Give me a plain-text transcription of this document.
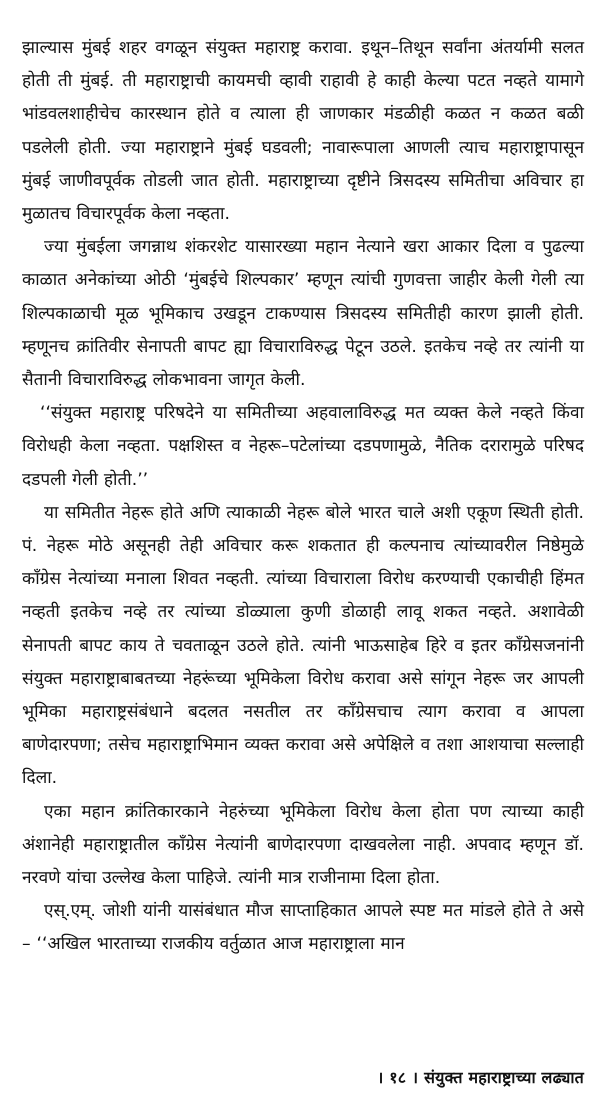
झाल्यास मुंबई शहर वगळून संयुक्त महाराष्ट्र करावा. इथून–तिथून सर्वांना अंतर्यामी सलत होती ती मुंबई. ती महाराष्ट्राची कायमची व्हावी राहावी हे काही केल्या पटत नव्हते यामागे भांडवलशाहीचेच कारस्थान होते व त्याला ही जाणकार मंडळीही कळत न कळत बळी पडलेली होती. ज्या महाराष्ट्राने मुंबई घडवली; नावारूपाला आणली त्याच महाराष्ट्रापासून मुंबई जाणीवपूर्वक तोडली जात होती. महाराष्ट्राच्या दृष्टीने त्रिसदस्य समितीचा अविचार हा मुळातच विचारपूर्वक केला नव्हता.

ज्या मुंबईला जगन्नाथ शंकरशेट यासारख्या महान नेत्याने खरा आकार दिला व पुढल्या काळात अनेकांच्या ओठी ‘मुंबईचे शिल्पकार’ म्हणून त्यांची गुणवत्ता जाहीर केली गेली त्या शिल्पकाळाची मूळ भूमिकाच उखडून टाकण्यास त्रिसदस्य समितीही कारण झाली होती. म्हणूनच क्रांतिवीर सेनापती बापट ह्या विचाराविरुद्ध पेटून उठले. इतकेच नव्हे तर त्यांनी या सैतानी विचाराविरुद्ध लोकभावना जागृत केली.

‘‘संयुक्त महाराष्ट्र परिषदेने या समितीच्या अहवालाविरुद्ध मत व्यक्त केले नव्हते किंवा विरोधही केला नव्हता. पक्षशिस्त व नेहरू–पटेलांच्या दडपणामुळे, नैतिक दरारामुळे परिषद दडपली गेली होती.’’

या समितीत नेहरू होते अणि त्याकाळी नेहरू बोले भारत चाले अशी एकूण स्थिती होती. पं. नेहरू मोठे असूनही तेही अविचार करू शकतात ही कल्पनाच त्यांच्यावरील निष्ठेमुळे काँग्रेस नेत्यांच्या मनाला शिवत नव्हती. त्यांच्या विचाराला विरोध करण्याची एकाचीही हिंमत नव्हती इतकेच नव्हे तर त्यांच्या डोळ्याला कुणी डोळाही लावू शकत नव्हते. अशावेळी सेनापती बापट काय ते चवताळून उठले होते. त्यांनी भाऊसाहेब हिरे व इतर काँग्रेसजनांनी संयुक्त महाराष्ट्राबाबतच्या नेहरूंच्या भूमिकेला विरोध करावा असे सांगून नेहरू जर आपली भूमिका महाराष्ट्रसंबंधाने बदलत नसतील तर काँग्रेसचाच त्याग करावा व आपला बाणेदारपणा; तसेच महाराष्ट्राभिमान व्यक्त करावा असे अपेक्षिले व तशा आशयाचा सल्लाही दिला.

एका महान क्रांतिकारकाने नेहरुंच्या भूमिकेला विरोध केला होता पण त्याच्या काही अंशानेही महाराष्ट्रातील काँग्रेस नेत्यांनी बाणेदारपणा दाखवलेला नाही. अपवाद म्हणून डॉ. नरवणे यांचा उल्लेख केला पाहिजे. त्यांनी मात्र राजीनामा दिला होता.

एस्.एम्. जोशी यांनी यासंबंधात मौज साप्ताहिकात आपले स्पष्ट मत मांडले होते ते असे – ‘‘अखिल भारताच्या राजकीय वर्तुळात आज महाराष्ट्राला मान

। १८ । संयुक्त महाराष्ट्राच्या लढ्यात
